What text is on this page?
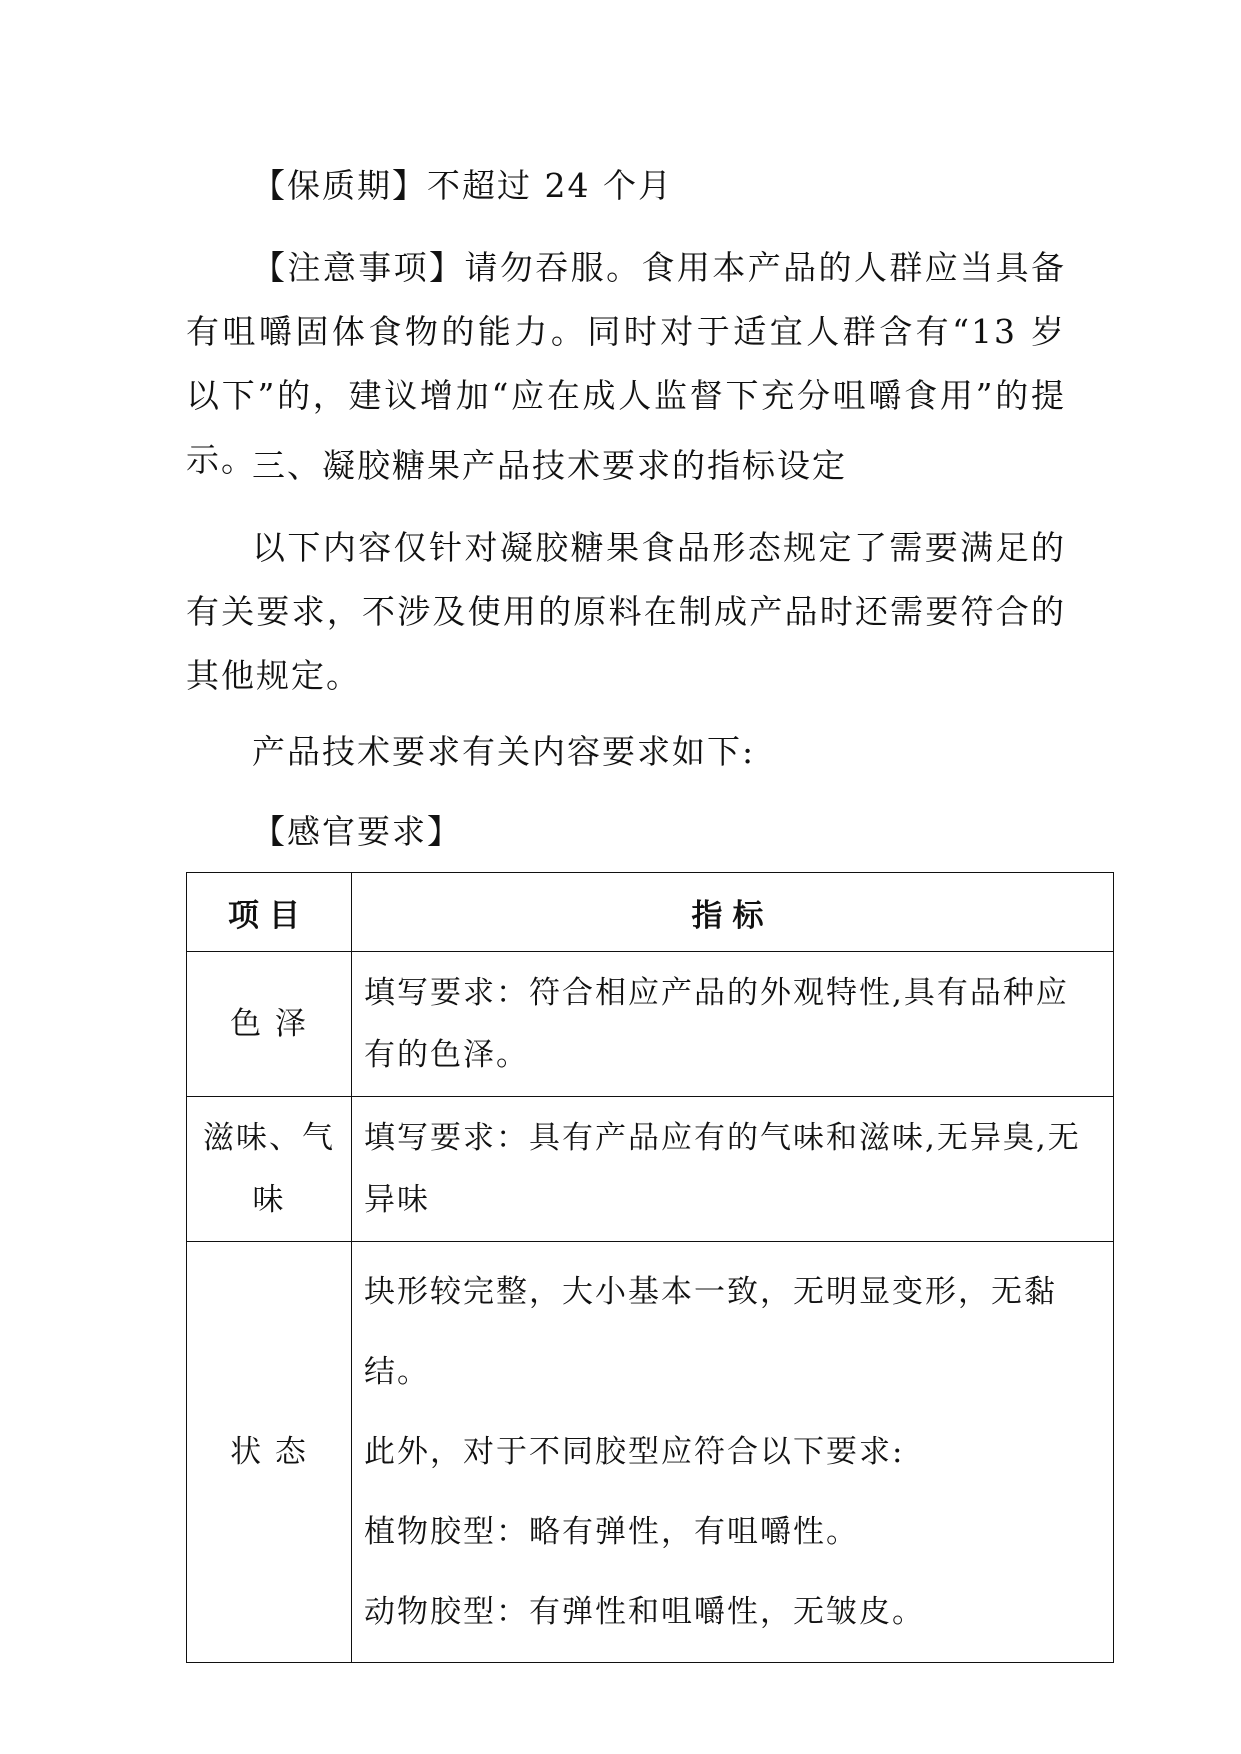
【保质期】不超过 24 个月

【注意事项】请勿吞服。食用本产品的人群应当具备有咀嚼固体食物的能力。同时对于适宜人群含有“13 岁以下”的，建议增加“应在成人监督下充分咀嚼食用”的提示。

三、凝胶糖果产品技术要求的指标设定

以下内容仅针对凝胶糖果食品形态规定了需要满足的有关要求，不涉及使用的原料在制成产品时还需要符合的其他规定。

产品技术要求有关内容要求如下:

【感官要求】

项目	指标
色 泽	填写要求：符合相应产品的外观特性,具有品种应有的色泽。

滋味、气味	填写要求：具有产品应有的气味和滋味,无异臭,无异味

状 态	块形较完整，大小基本一致，无明显变形，无黏结。

此外，对于不同胶型应符合以下要求:

植物胶型：略有弹性，有咀嚼性。

动物胶型：有弹性和咀嚼性，无皱皮。
